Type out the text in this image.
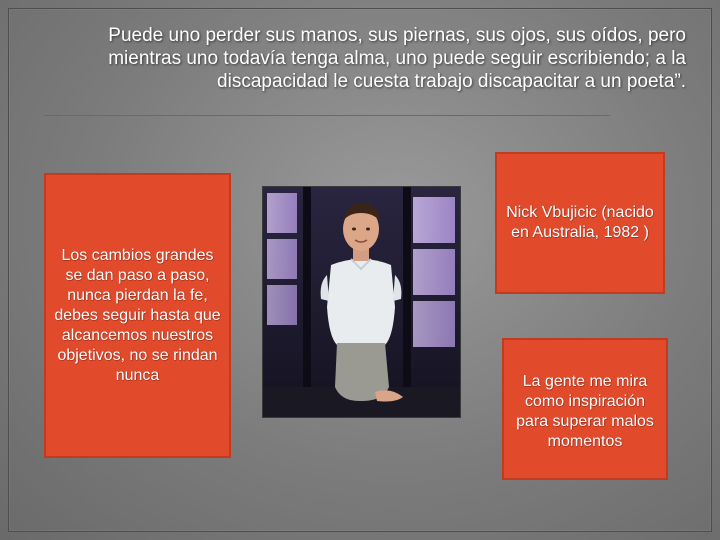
Puede uno perder sus manos, sus piernas, sus ojos, sus oídos, pero mientras uno todavía tenga alma, uno puede seguir escribiendo; a la discapacidad le cuesta trabajo discapacitar a un poeta”.

Los cambios grandes se dan paso a paso, nunca pierdan la fe, debes seguir hasta que alcancemos nuestros objetivos, no se rindan nunca
Nick Vbujicic (nacido en Australia, 1982 )
La gente me mira como inspiración para superar malos momentos
